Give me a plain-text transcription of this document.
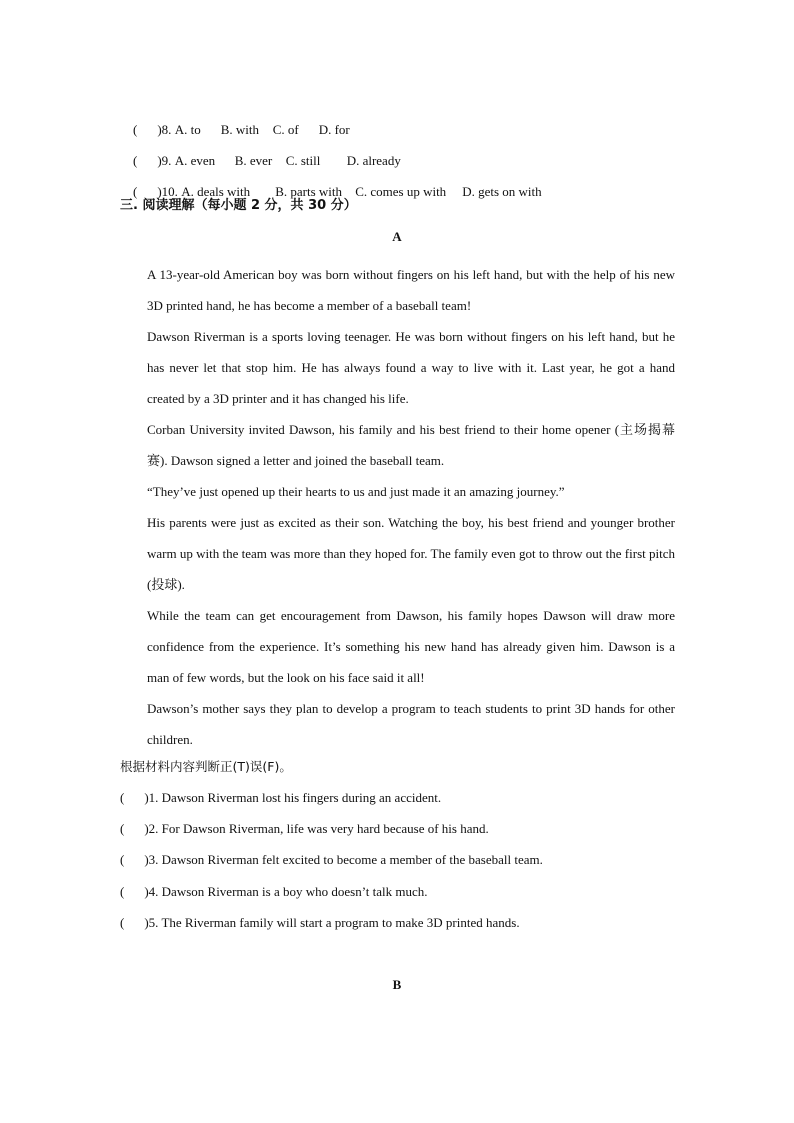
( )8. A. to B. with C. of D. for

( )9. A. even B. ever C. still D. already

( )10. A. deals with B. parts with C. comes up with D. gets on with

三. 阅读理解（每小题 2 分，共 30 分）
A
A 13-year-old American boy was born without fingers on his left hand, but with the help of his new 3D printed hand, he has become a member of a baseball team!
Dawson Riverman is a sports loving teenager. He was born without fingers on his left hand, but he has never let that stop him. He has always found a way to live with it. Last year, he got a hand created by a 3D printer and it has changed his life.
Corban University invited Dawson, his family and his best friend to their home opener (主场揭幕赛). Dawson signed a letter and joined the baseball team.
“They’ve just opened up their hearts to us and just made it an amazing journey.”
His parents were just as excited as their son. Watching the boy, his best friend and younger brother warm up with the team was more than they hoped for. The family even got to throw out the first pitch (投球).
While the team can get encouragement from Dawson, his family hopes Dawson will draw more confidence from the experience. It’s something his new hand has already given him. Dawson is a man of few words, but the look on his face said it all!
Dawson’s mother says they plan to develop a program to teach students to print 3D hands for other children.
根据材料内容判断正(T)误(F)。
( )1. Dawson Riverman lost his fingers during an accident.
( )2. For Dawson Riverman, life was very hard because of his hand.
( )3. Dawson Riverman felt excited to become a member of the baseball team.
( )4. Dawson Riverman is a boy who doesn’t talk much.
( )5. The Riverman family will start a program to make 3D printed hands.
B
